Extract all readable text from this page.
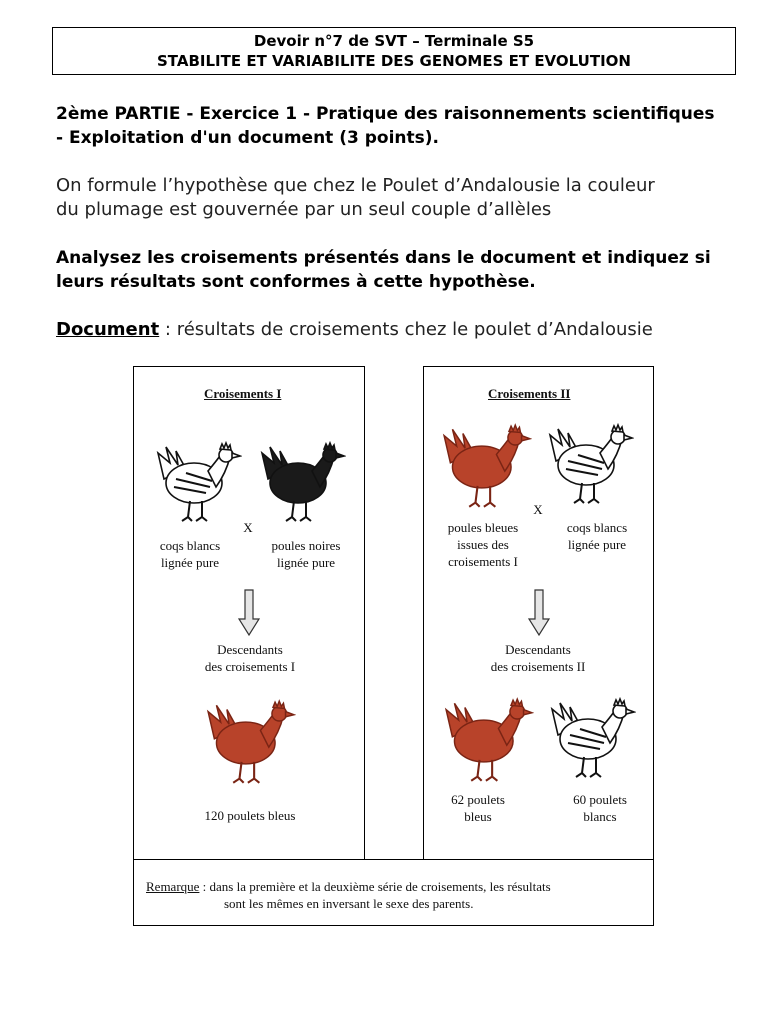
Devoir n°7 de SVT – Terminale S5
STABILITE ET VARIABILITE DES GENOMES ET EVOLUTION
2ème PARTIE - Exercice 1 - Pratique des raisonnements scientifiques
- Exploitation d'un document (3 points).
On formule l’hypothèse que chez le Poulet d’Andalousie la couleur
du plumage est gouvernée par un seul couple d’allèles
Analysez les croisements présentés dans le document et indiquez si
leurs résultats sont conformes à cette hypothèse.
Document : résultats de croisements chez le poulet d’Andalousie
Croisements I
X
coqs blancs
lignée pure
poules noires
lignée pure
Descendants
des croisements I
120 poulets bleus
Croisements II
X
poules bleues
issues des
croisements I
coqs blancs
lignée pure
Descendants
des croisements II
62 poulets
bleus
60 poulets
blancs
Remarque : dans la première et la deuxième série de croisements, les résultats
sont les mêmes en inversant le sexe des parents.
